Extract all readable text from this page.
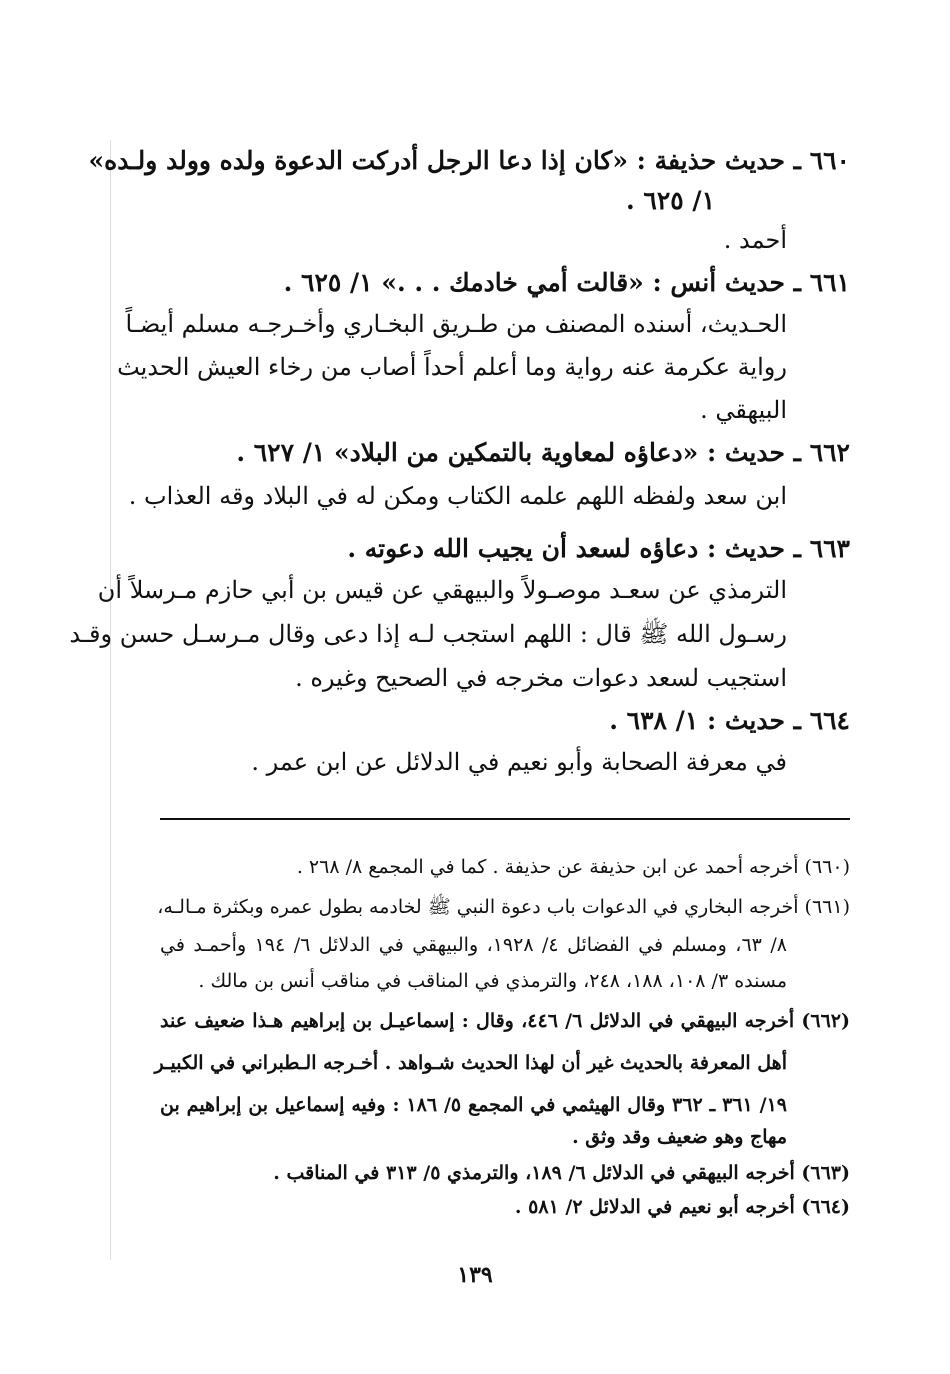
٦٦٠ ـ حديث حذيفة : «كان إذا دعا الرجل أدركت الدعوة ولده وولد ولـده»
١/ ٦٢٥ .
أحمد .
٦٦١ ـ حديث أنس : «قالت أمي خادمك . . .» ١/ ٦٢٥ .
الحـديث، أسنده المصنف من طـريق البخـاري وأخـرجـه مسلم أيضـاً
رواية عكرمة عنه رواية وما أعلم أحداً أصاب من رخاء العيش الحديث
البيهقي .
٦٦٢ ـ حديث : «دعاؤه لمعاوية بالتمكين من البلاد» ١/ ٦٢٧ .
ابن سعد ولفظه اللهم علمه الكتاب ومكن له في البلاد وقه العذاب .
٦٦٣ ـ حديث : دعاؤه لسعد أن يجيب الله دعوته .
الترمذي عن سعـد موصـولاً والبيهقي عن قيس بن أبي حازم مـرسلاً أن
رسـول الله ﷺ قال : اللهم استجب لـه إذا دعى وقال مـرسـل حسن وقـد
استجيب لسعد دعوات مخرجه في الصحيح وغيره .
٦٦٤ ـ حديث : ١/ ٦٣٨ .
في معرفة الصحابة وأبو نعيم في الدلائل عن ابن عمر .
(٦٦٠) أخرجه أحمد عن ابن حذيفة عن حذيفة . كما في المجمع ٨/ ٢٦٨ .
(٦٦١) أخرجه البخاري في الدعوات باب دعوة النبي ﷺ لخادمه بطول عمره وبكثرة مـالـه،
٨/ ٦٣، ومسلم في الفضائل ٤/ ١٩٢٨، والبيهقي في الدلائل ٦/ ١٩٤ وأحمـد في
مسنده ٣/ ١٠٨، ١٨٨، ٢٤٨، والترمذي في المناقب في مناقب أنس بن مالك .
(٦٦٢) أخرجه البيهقي في الدلائل ٦/ ٤٤٦، وقال : إسماعيـل بن إبراهيم هـذا ضعيف عند
أهل المعرفة بالحديث غير أن لهذا الحديث شـواهد . أخـرجه الـطبراني في الكبيـر
١٩/ ٣٦١ ـ ٣٦٢ وقال الهيثمي في المجمع ٥/ ١٨٦ : وفيه إسماعيل بن إبراهيم بن
مهاج وهو ضعيف وقد وثق .
(٦٦٣) أخرجه البيهقي في الدلائل ٦/ ١٨٩، والترمذي ٥/ ٣١٣ في المناقب .
(٦٦٤) أخرجه أبو نعيم في الدلائل ٢/ ٥٨١ .
١٣٩
